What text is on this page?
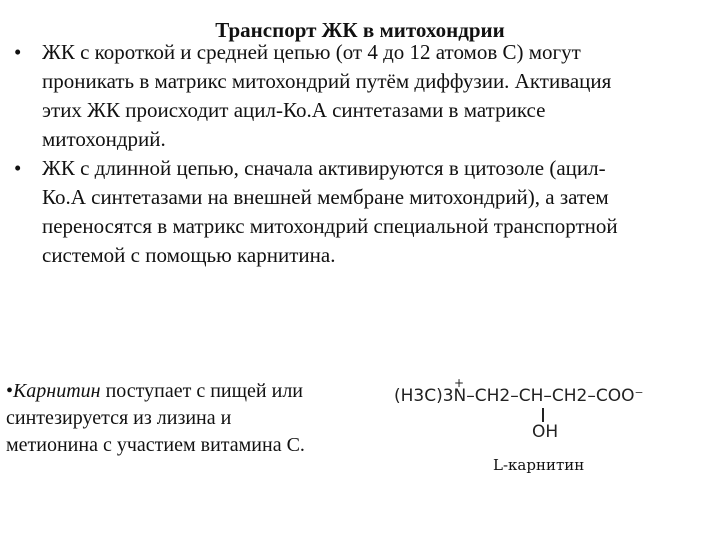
Транспорт ЖК в митохондрии
• ЖК с короткой и средней цепью (от 4 до 12 атомов С) могут
проникать в матрикс митохондрий путём диффузии. Активация
этих ЖК происходит ацил-Ко.А синтетазами в матриксе
митохондрий.
• ЖК с длинной цепью, сначала активируются в цитозоле (ацил-
Ко.А синтетазами на внешней мембране митохондрий), а затем
переносятся в матрикс митохондрий специальной транспортной
системой с помощью карнитина.
•Карнитин поступает с пищей или
синтезируется из лизина и
метионина с участием витамина С.
+
(H3C)3N–CH2–CH–CH2–COO⁻
OH
L-карнитин
